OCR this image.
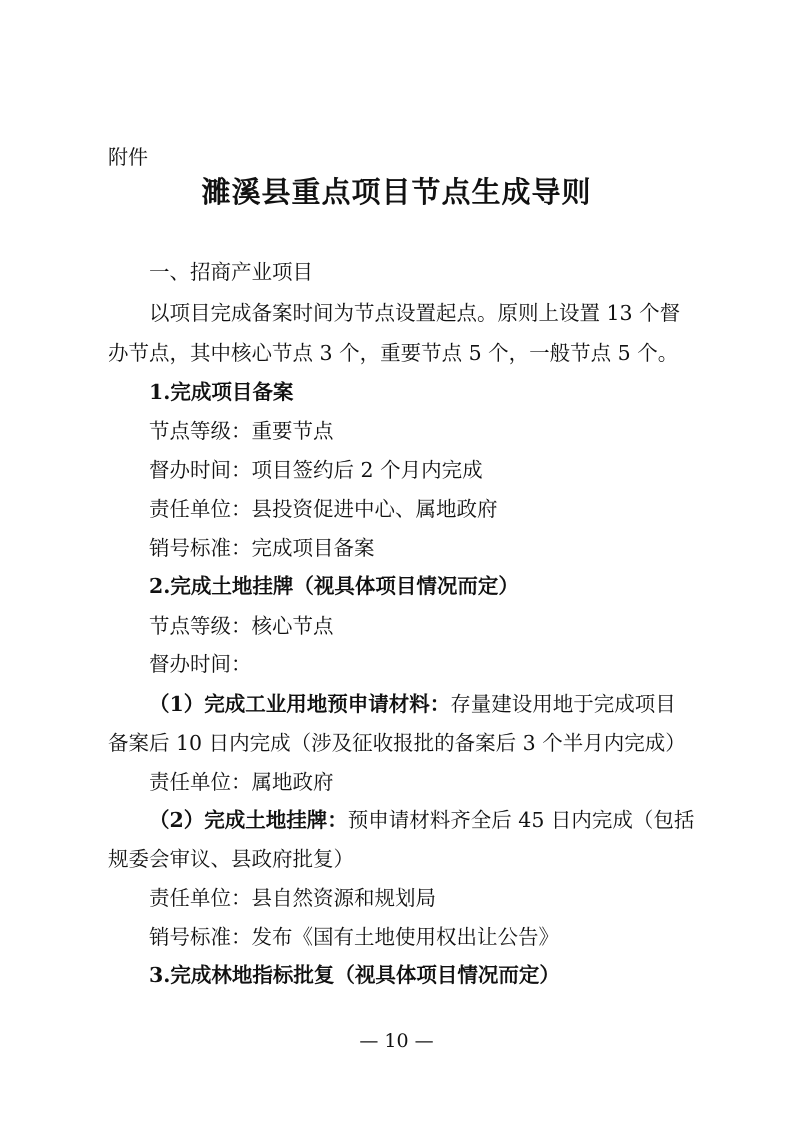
附件
濉溪县重点项目节点生成导则
一、招商产业项目
以项目完成备案时间为节点设置起点。原则上设置 13 个督
办节点，其中核心节点 3 个，重要节点 5 个，一般节点 5 个。
1.完成项目备案
节点等级：重要节点
督办时间：项目签约后 2 个月内完成
责任单位：县投资促进中心、属地政府
销号标准：完成项目备案
2.完成土地挂牌（视具体项目情况而定）
节点等级：核心节点
督办时间：
（1）完成工业用地预申请材料：存量建设用地于完成项目
备案后 10 日内完成（涉及征收报批的备案后 3 个半月内完成）
责任单位：属地政府
（2）完成土地挂牌：预申请材料齐全后 45 日内完成（包括
规委会审议、县政府批复）
责任单位：县自然资源和规划局
销号标准：发布《国有土地使用权出让公告》
3.完成林地指标批复（视具体项目情况而定）
— 10 —
